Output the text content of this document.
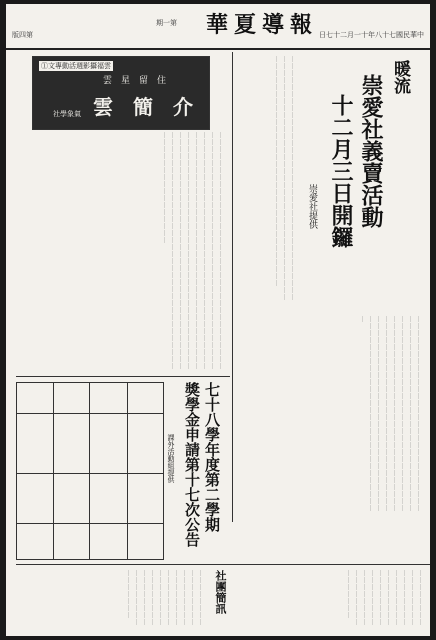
版四第
期一第 華夏導報 日七十二月一十年八十七國民華中
暖流
崇愛社義賣活動
十二月三日開鑼
崇愛社提供
＿＿＿＿＿＿＿＿＿＿＿＿＿＿＿＿＿＿＿＿＿＿＿＿＿＿＿＿＿＿＿＿＿＿＿＿＿＿＿＿＿＿＿＿＿＿＿＿＿＿＿＿＿＿＿＿＿＿＿＿＿＿＿＿＿＿＿＿＿＿＿＿＿＿＿＿＿＿＿＿＿＿＿＿＿＿＿＿＿＿＿＿＿＿＿＿＿＿＿＿＿＿＿
＿＿＿＿＿＿＿＿＿＿＿＿＿＿＿＿＿＿＿＿＿＿＿＿＿＿＿＿＿＿＿＿＿＿＿＿＿＿＿＿＿＿＿＿＿＿＿＿＿＿＿＿＿＿＿＿＿＿＿＿＿＿＿＿＿＿＿＿＿＿＿＿＿＿＿＿＿＿＿＿＿＿＿＿＿＿＿＿＿＿＿＿＿＿＿＿＿＿＿＿＿＿＿＿＿＿＿＿＿＿＿＿＿＿＿＿＿＿＿＿＿＿＿＿＿＿＿＿＿＿＿＿＿＿＿＿＿＿＿＿＿＿＿＿＿＿＿＿＿＿＿＿＿＿＿＿＿＿＿＿＿＿＿＿＿＿＿＿＿＿＿＿＿＿＿＿＿＿＿＿＿＿＿＿＿＿＿＿＿＿＿＿＿＿＿＿＿
①文專動活週影攝福雲
雲　星　留　住
雲　簡　介
社學象氣
＿＿＿＿＿＿＿＿＿＿＿＿＿＿＿＿＿＿＿＿＿＿＿＿＿＿＿＿＿＿＿＿＿＿＿＿＿＿＿＿＿＿＿＿＿＿＿＿＿＿＿＿＿＿＿＿＿＿＿＿＿＿＿＿＿＿＿＿＿＿＿＿＿＿＿＿＿＿＿＿＿＿＿＿＿＿＿＿＿＿＿＿＿＿＿＿＿＿＿＿＿＿＿＿＿＿＿＿＿＿＿＿＿＿＿＿＿＿＿＿＿＿＿＿＿＿＿＿＿＿＿＿＿＿＿＿＿＿＿＿＿＿＿＿＿＿＿＿＿＿＿＿＿＿＿＿＿＿＿＿＿＿＿＿＿＿＿＿＿＿＿＿＿＿＿＿＿＿＿＿＿＿＿＿＿＿＿＿＿＿＿＿＿＿＿＿＿＿＿＿＿＿＿＿＿＿＿＿＿＿＿＿＿＿＿＿＿＿＿＿＿＿＿＿＿＿＿＿＿＿＿＿＿＿＿＿＿＿＿＿＿＿＿＿＿＿＿＿＿＿＿＿＿＿
七十八學年度第二學期
獎學金申請第十七次公告
課外活動組提供
社團簡訊	＿＿＿＿＿＿＿＿＿＿＿＿＿＿＿＿＿＿＿＿＿＿＿＿＿＿＿＿＿＿＿＿＿＿＿＿＿＿＿＿＿＿＿＿＿＿＿＿＿＿＿＿＿＿＿＿＿＿＿＿＿＿＿＿＿＿＿＿＿＿＿＿＿＿＿＿＿＿＿
＿＿＿＿＿＿＿＿＿＿＿＿＿＿＿＿＿＿＿＿＿＿＿＿＿＿＿＿＿＿＿＿＿＿＿＿＿＿＿＿＿＿＿＿＿＿＿＿＿＿＿＿＿＿＿＿＿＿＿＿＿＿＿＿＿＿＿＿＿＿＿＿＿＿＿＿＿＿＿
